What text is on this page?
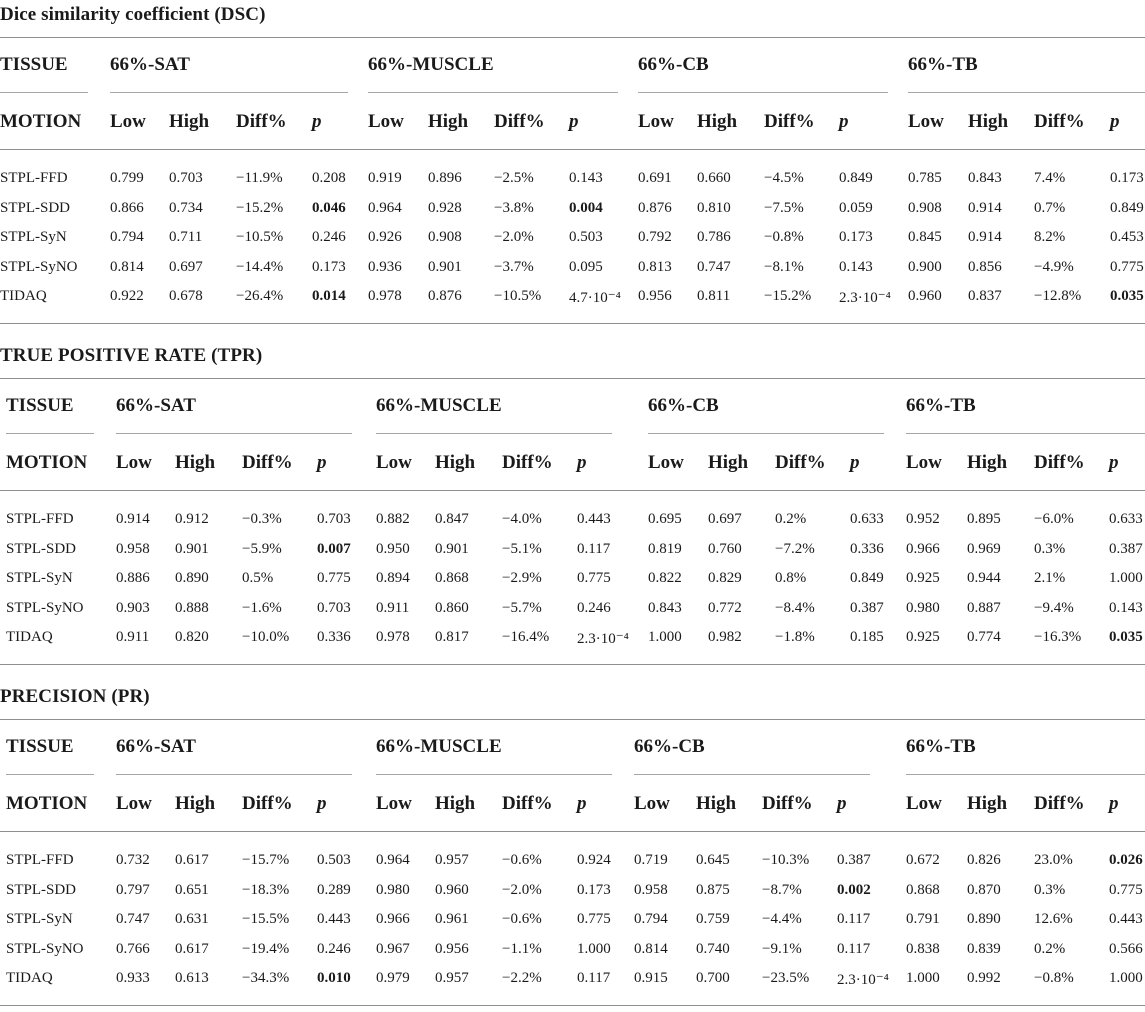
Dice similarity coefficient (DSC)
TISSUE 66%-SAT	66%-MUSCLE	66%-CB	66%-TB
MOTION Low High Diff% p Low High Diff% p	Low High Diff% p	Low High Diff% p
STPL-FFD	0.799 0.703 −11.9% 0.208 0.919 0.896 −2.5% 0.143 0.691 0.660 −4.5% 0.849 0.785 0.843 7.4%	0.173
STPL-SDD	0.866 0.734 −15.2% 0.046 0.964 0.928 −3.8% 0.004 0.876 0.810 −7.5% 0.059 0.908 0.914 0.7%	0.849
STPL-SyN	0.794 0.711 −10.5% 0.246 0.926 0.908 −2.0% 0.503 0.792 0.786 −0.8% 0.173 0.845 0.914 8.2%	0.453
STPL-SyNO 0.814 0.697 −14.4% 0.173 0.936 0.901 −3.7% 0.095 0.813 0.747 −8.1% 0.143 0.900 0.856 −4.9% 0.775
TIDAQ	0.922 0.678 −26.4% 0.014 0.978 0.876 −10.5% 4.7·10⁻⁴ 0.956 0.811 −15.2% 2.3·10⁻⁴ 0.960 0.837 −12.8% 0.035
TRUE POSITIVE RATE (TPR)
TISSUE 66%-SAT	66%-MUSCLE	66%-CB	66%-TB
MOTION Low High Diff% p	Low High Diff% p	Low High Diff% p Low High Diff% p
STPL-FFD	0.914 0.912 −0.3% 0.703 0.882 0.847 −4.0% 0.443 0.695 0.697 0.2%	0.633 0.952 0.895 −6.0% 0.633
STPL-SDD	0.958 0.901 −5.9% 0.007 0.950 0.901 −5.1% 0.117	0.819 0.760 −7.2% 0.336 0.966 0.969 0.3%	0.387
STPL-SyN	0.886 0.890 0.5%	0.775 0.894 0.868 −2.9% 0.775 0.822 0.829 0.8%	0.849 0.925 0.944 2.1%	1.000
STPL-SyNO 0.903 0.888 −1.6% 0.703 0.911 0.860 −5.7% 0.246 0.843 0.772 −8.4% 0.387 0.980 0.887 −9.4% 0.143
TIDAQ	0.911 0.820 −10.0% 0.336 0.978 0.817 −16.4% 2.3·10⁻⁴ 1.000 0.982 −1.8% 0.185 0.925 0.774 −16.3% 0.035
PRECISION (PR)
TISSUE 66%-SAT	66%-MUSCLE	66%-CB	66%-TB
MOTION Low High Diff% p	Low High Diff% p	Low High Diff% p	Low High Diff% p
STPL-FFD	0.732 0.617 −15.7% 0.503 0.964 0.957 −0.6% 0.924 0.719 0.645 −10.3% 0.387 0.672 0.826 23.0% 0.026
STPL-SDD	0.797 0.651 −18.3% 0.289 0.980 0.960 −2.0% 0.173 0.958 0.875 −8.7% 0.002 0.868 0.870 0.3%	0.775
STPL-SyN	0.747 0.631 −15.5% 0.443 0.966 0.961 −0.6% 0.775 0.794 0.759 −4.4% 0.117 0.791 0.890 12.6% 0.443
STPL-SyNO 0.766 0.617 −19.4% 0.246 0.967 0.956 −1.1% 1.000 0.814 0.740 −9.1% 0.117 0.838 0.839 0.2%	0.566
TIDAQ	0.933 0.613 −34.3% 0.010 0.979 0.957 −2.2% 0.117 0.915 0.700 −23.5% 2.3·10⁻⁴ 1.000 0.992 −0.8% 1.000
